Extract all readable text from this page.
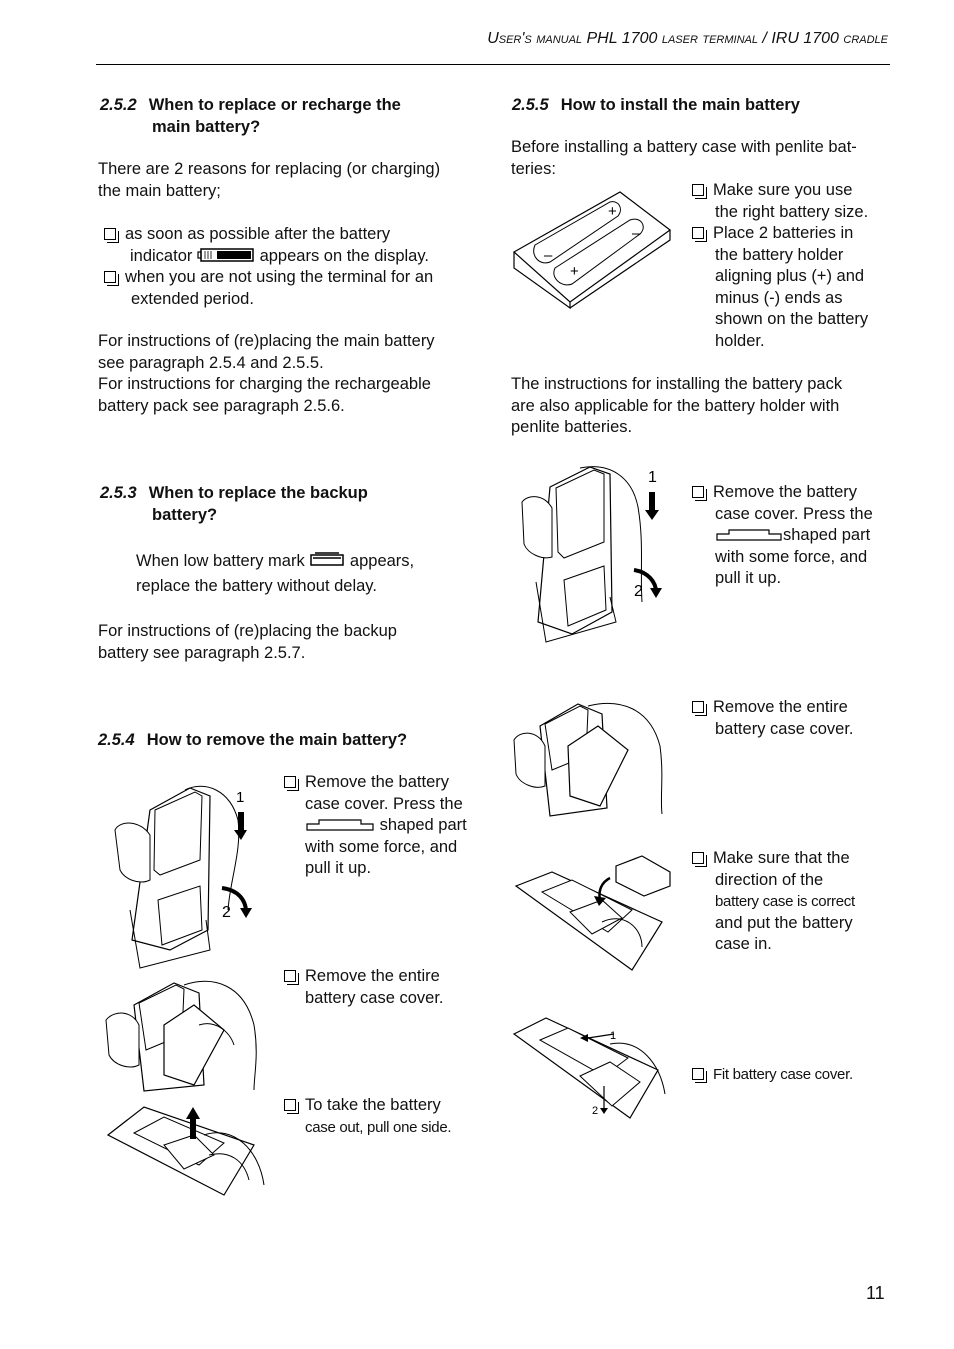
User's manual PHL 1700 laser terminal / IRU 1700 cradle
2.5.2 When to replace or recharge the
main battery?
There are 2 reasons for replacing (or charging)
the main battery;
as soon as possible after the battery
indicator	appears on the display.
when you are not using the terminal for an
extended period.
For instructions of (re)placing the main battery
see paragraph 2.5.4 and 2.5.5.
For instructions for charging the rechargeable
battery pack see paragraph 2.5.6.
2.5.3 When to replace the backup
battery?
When low battery mark	appears,
replace the battery without delay.
For instructions of (re)placing the backup
battery see paragraph 2.5.7.
2.5.4 How to remove the main battery?
1
2
Remove the battery
case cover. Press the
shaped part
with some force, and
pull it up.
Remove the entire
battery case cover.
To take the battery
case out, pull one side.
2.5.5 How to install the main battery
Before installing a battery case with penlite bat-
teries:
+
+
–
–
Make sure you use
the right battery size.
Place 2 batteries in
the battery holder
aligning plus (+) and
minus (-) ends as
shown on the battery
holder.
The instructions for installing the battery pack
are also applicable for the battery holder with
penlite batteries.
1
2
Remove the battery
case cover. Press the
shaped part
with some force, and
pull it up.
Remove the entire
battery case cover.
Make sure that the
direction of the
battery case is correct
and put the battery
case in.
1
2
Fit battery case cover.
11
